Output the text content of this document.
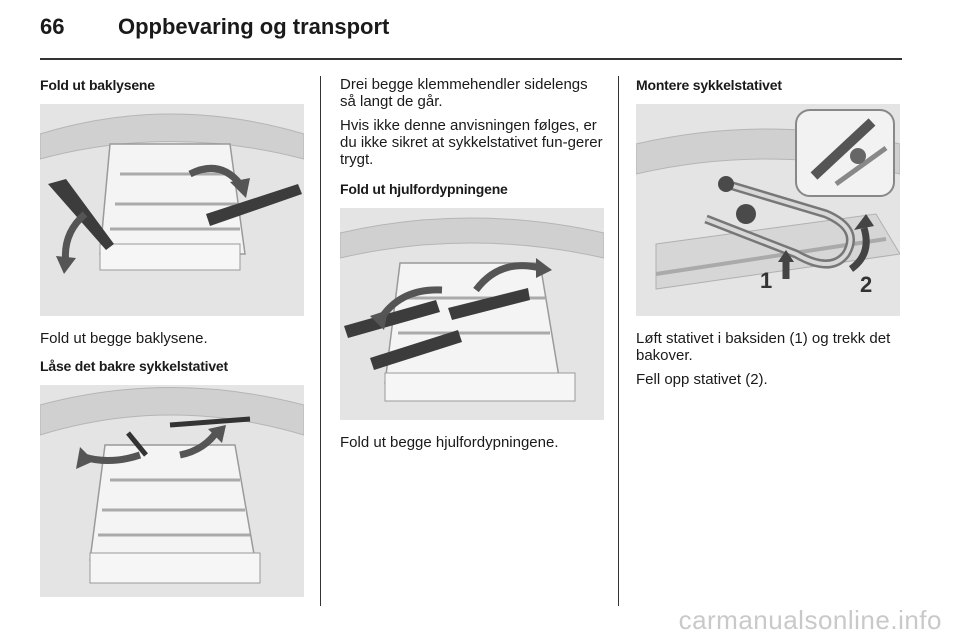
66	Oppbevaring og transport
Fold ut baklysene
Fold ut begge baklysene.
Låse det bakre sykkelstativet
Drei begge klemmehendler sidelengs så langt de går.
Hvis ikke denne anvisningen følges, er du ikke sikret at sykkelstativet fun-gerer trygt.
Fold ut hjulfordypningene
Fold ut begge hjulfordypningene.
Montere sykkelstativet
1	2
Løft stativet i baksiden (1) og trekk det bakover.
Fell opp stativet (2).
carmanualsonline.info
